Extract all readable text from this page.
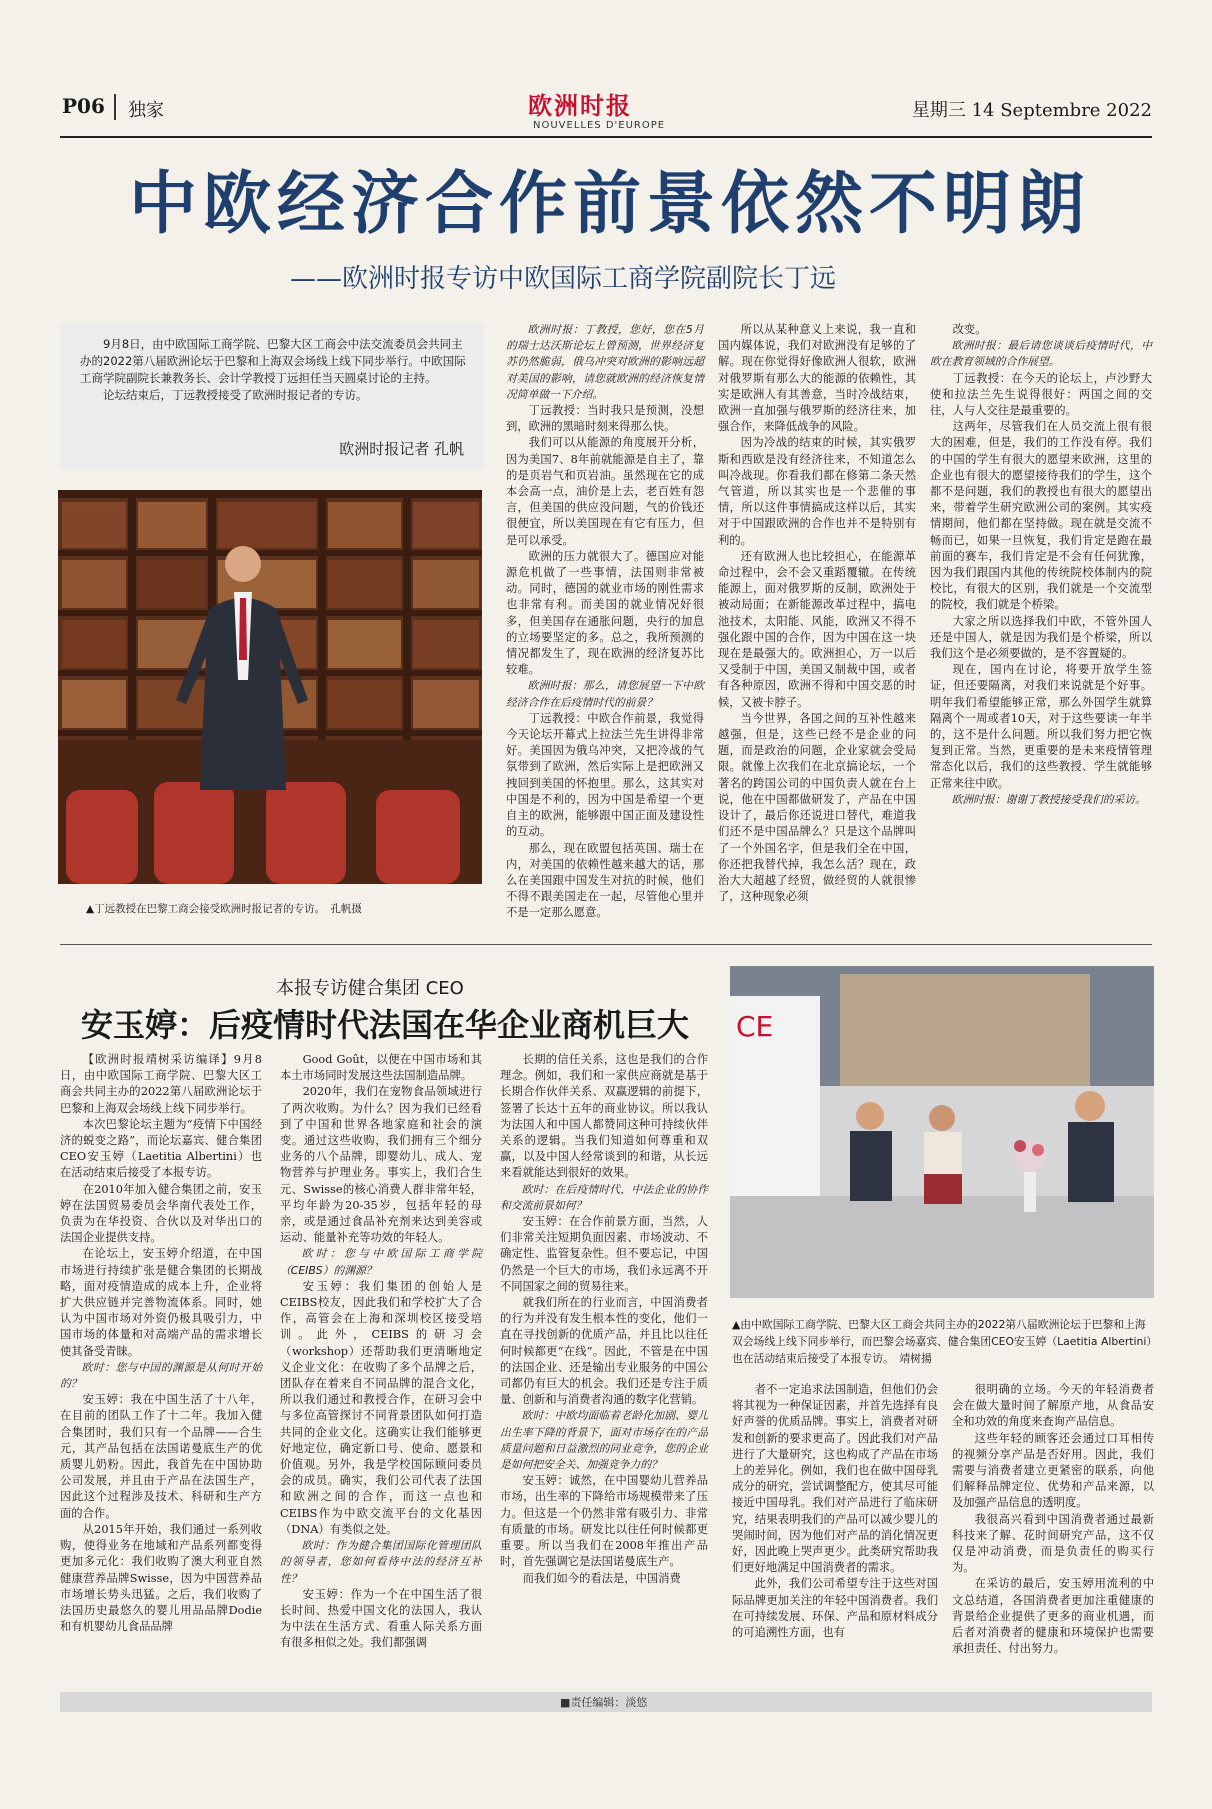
P06 独家	欧洲时报
NOUVELLES D'EUROPE
星期三 14 Septembre 2022
中欧经济合作前景依然不明朗
——欧洲时报专访中欧国际工商学院副院长丁远

9月8日，由中欧国际工商学院、巴黎大区工商会中法交流委员会共同主办的2022第八届欧洲论坛于巴黎和上海双会场线上线下同步举行。中欧国际工商学院副院长兼教务长、会计学教授丁远担任当天圆桌讨论的主持。

论坛结束后，丁远教授接受了欧洲时报记者的专访。

欧洲时报记者 孔帆
▲丁远教授在巴黎工商会接受欧洲时报记者的专访。　孔帆摄

欧洲时报：丁教授，您好，您在5月的瑞士达沃斯论坛上曾预测，世界经济复苏仍然脆弱，俄乌冲突对欧洲的影响远超对美国的影响，请您就欧洲的经济恢复情况简单做一下介绍。

丁远教授：当时我只是预测，没想到，欧洲的黑暗时刻来得那么快。

我们可以从能源的角度展开分析，因为美国7、8年前就能源是自主了，靠的是页岩气和页岩油。虽然现在它的成本会高一点，油价是上去，老百姓有怨言，但美国的供应没问题，气的价钱还很便宜，所以美国现在有它有压力，但是可以承受。

欧洲的压力就很大了。德国应对能源危机做了一些事情，法国则非常被动。同时，德国的就业市场的刚性需求也非常有利。而美国的就业情况好很多，但美国存在通胀问题，央行的加息的立场要坚定的多。总之，我所预测的情况都发生了，现在欧洲的经济复苏比较难。

欧洲时报：那么，请您展望一下中欧经济合作在后疫情时代的前景？

丁远教授：中欧合作前景，我觉得今天论坛开幕式上拉法兰先生讲得非常好。美国因为俄乌冲突，又把冷战的气氛带到了欧洲，然后实际上是把欧洲又拽回到美国的怀抱里。那么，这其实对中国是不利的，因为中国是希望一个更自主的欧洲，能够跟中国正面及建设性的互动。

那么，现在欧盟包括英国、瑞士在内，对美国的依赖性越来越大的话，那么在美国跟中国发生对抗的时候，他们不得不跟美国走在一起，尽管他心里并不是一定那么愿意。

所以从某种意义上来说，我一直和国内媒体说，我们对欧洲没有足够的了解。现在你觉得好像欧洲人很软，欧洲对俄罗斯有那么大的能源的依赖性，其实是欧洲人有其善意，当时冷战结束，欧洲一直加强与俄罗斯的经济往来，加强合作，来降低战争的风险。

因为冷战的结束的时候，其实俄罗斯和西欧是没有经济往来，不知道怎么叫冷战现。你看我们都在修第二条天然气管道，所以其实也是一个悲催的事情，所以这件事情搞成这样以后，其实对于中国跟欧洲的合作也并不是特别有利的。

还有欧洲人也比较担心，在能源革命过程中，会不会又重蹈覆辙。在传统能源上，面对俄罗斯的反制，欧洲处于被动局面；在新能源改革过程中，搞电池技术，太阳能、风能，欧洲又不得不强化跟中国的合作，因为中国在这一块现在是最强大的。欧洲担心，万一以后又受制于中国，美国又制裁中国，或者有各种原因，欧洲不得和中国交恶的时候，又被卡脖子。

当今世界，各国之间的互补性越来越强，但是，这些已经不是企业的问题，而是政治的问题，企业家就会受局限。就像上次我们在北京搞论坛，一个著名的跨国公司的中国负责人就在台上说，他在中国都做研发了，产品在中国设计了，最后你还说进口替代，难道我们还不是中国品牌么？只是这个品牌叫了一个外国名字，但是我们全在中国，你还把我替代掉，我怎么活？现在，政治大大超越了经贸，做经贸的人就很惨了，这种现象必须

改变。

欧洲时报：最后请您谈谈后疫情时代，中欧在教育领域的合作展望。

丁远教授：在今天的论坛上，卢沙野大使和拉法兰先生说得很好：两国之间的交往，人与人交往是最重要的。

这两年，尽管我们在人员交流上很有很大的困难，但是，我们的工作没有停。我们的中国的学生有很大的愿望来欧洲，这里的企业也有很大的愿望接待我们的学生，这个都不是问题，我们的教授也有很大的愿望出来，带着学生研究欧洲公司的案例。其实疫情期间，他们都在坚持做。现在就是交流不畅而已，如果一旦恢复，我们肯定是跑在最前面的赛车，我们肯定是不会有任何犹豫，因为我们跟国内其他的传统院校体制内的院校比，有很大的区别，我们就是一个交流型的院校，我们就是个桥梁。

大家之所以选择我们中欧，不管外国人还是中国人，就是因为我们是个桥梁，所以我们这个是必须要做的，是不容置疑的。

现在，国内在讨论，将要开放学生签证，但还要隔离，对我们来说就是个好事。明年我们希望能够正常，那么外国学生就算隔离个一周或者10天，对于这些要读一年半的，这不是什么问题。所以我们努力把它恢复到正常。当然，更重要的是未来疫情管理常态化以后，我们的这些教授、学生就能够正常来往中欧。

欧洲时报：谢谢丁教授接受我们的采访。

本报专访健合集团 CEO
安玉婷：后疫情时代法国在华企业商机巨大	CE
▲由中欧国际工商学院、巴黎大区工商会共同主办的2022第八届欧洲论坛于巴黎和上海双会场线上线下同步举行，而巴黎会场嘉宾、健合集团CEO安玉婷（Laetitia Albertini）也在活动结束后接受了本报专访。　靖树揚

【欧洲时报靖树采访编译】9月8日，由中欧国际工商学院、巴黎大区工商会共同主办的2022第八届欧洲论坛于巴黎和上海双会场线上线下同步举行。

本次巴黎论坛主题为“疫情下中国经济的蜕变之路”，而论坛嘉宾、健合集团CEO安玉婷（Laetitia Albertini）也在活动结束后接受了本报专访。

在2010年加入健合集团之前，安玉婷在法国贸易委员会华南代表处工作，负责为在华投资、合伙以及对华出口的法国企业提供支持。

在论坛上，安玉婷介绍道，在中国市场进行持续扩张是健合集团的长期战略，面对疫情造成的成本上升，企业将扩大供应链并完善物流体系。同时，她认为中国市场对外资仍极具吸引力，中国市场的体量和对高端产品的需求增长使其备受青睐。

欧时：您与中国的渊源是从何时开始的？

安玉婷：我在中国生活了十八年，在目前的团队工作了十二年。我加入健合集团时，我们只有一个品牌——合生元，其产品包括在法国诺曼底生产的优质婴儿奶粉。因此，我首先在中国协助公司发展，并且由于产品在法国生产，因此这个过程涉及技术、科研和生产方面的合作。

从2015年开始，我们通过一系列收购，使得业务在地域和产品系列都变得更加多元化：我们收购了澳大利亚自然健康营养品牌Swisse，因为中国营养品市场增长势头迅猛。之后，我们收购了法国历史最悠久的婴儿用品品牌Dodie和有机婴幼儿食品品牌

Good Goût，以便在中国市场和其本土市场同时发展这些法国制造品牌。

2020年，我们在宠物食品领域进行了两次收购。为什么？因为我们已经看到了中国和世界各地家庭和社会的演变。通过这些收购，我们拥有三个细分业务的八个品牌，即婴幼儿、成人、宠物营养与护理业务。事实上，我们合生元、Swisse的核心消费人群非常年轻，平均年龄为20-35岁，包括年轻的母亲，或是通过食品补充剂来达到美容或运动、能量补充等功效的年轻人。

欧时：您与中欧国际工商学院（CEIBS）的渊源？

安玉婷：我们集团的创始人是CEIBS校友，因此我们和学校扩大了合作，高管会在上海和深圳校区接受培训。此外，CEIBS的研习会（workshop）还帮助我们更清晰地定义企业文化：在收购了多个品牌之后，团队存在着来自不同品牌的混合文化，所以我们通过和教授合作，在研习会中与多位高管探讨不同背景团队如何打造共同的企业文化。这确实让我们能够更好地定位，确定新口号、使命、愿景和价值观。另外，我是学校国际顾问委员会的成员。确实，我们公司代表了法国和欧洲之间的合作，而这一点也和CEIBS作为中欧交流平台的文化基因（DNA）有类似之处。

欧时：作为健合集团国际化管理团队的领导者，您如何看待中法的经济互补性？

安玉婷：作为一个在中国生活了很长时间、热爱中国文化的法国人，我认为中法在生活方式、看重人际关系方面有很多相似之处。我们都强调

长期的信任关系，这也是我们的合作理念。例如，我们和一家供应商就是基于长期合作伙伴关系、双赢逻辑的前提下，签署了长达十五年的商业协议。所以我认为法国人和中国人都赞同这种可持续伙伴关系的逻辑。当我们知道如何尊重和双赢，以及中国人经常谈到的和谐，从长远来看就能达到很好的效果。

欧时：在后疫情时代，中法企业的协作和交流前景如何？

安玉婷：在合作前景方面，当然，人们非常关注短期负面因素、市场波动、不确定性、监管复杂性。但不要忘记，中国仍然是一个巨大的市场，我们永远离不开不同国家之间的贸易往来。

就我们所在的行业而言，中国消费者的行为并没有发生根本性的变化，他们一直在寻找创新的优质产品，并且比以往任何时候都更“在线”。因此，不管是在中国的法国企业、还是输出专业服务的中国公司都仍有巨大的机会。我们还是专注于质量、创新和与消费者沟通的数字化营销。

欧时：中欧均面临着老龄化加剧、婴儿出生率下降的背景下，面对市场存在的产品质量问题和日益激烈的同业竞争，您的企业是如何把安全关、加强竞争力的？

安玉婷：诚然，在中国婴幼儿营养品市场，出生率的下降给市场规模带来了压力。但这是一个仍然非常有吸引力、非常有质量的市场。研发比以往任何时候都更重要。所以当我们在2008年推出产品时，首先强调它是法国诺曼底生产。

而我们如今的看法是，中国消费

者不一定追求法国制造，但他们仍会将其视为一种保证因素，并首先选择有良好声誉的优质品牌。事实上，消费者对研发和创新的要求更高了。因此我们对产品进行了大量研究，这也构成了产品在市场上的差异化。例如，我们也在做中国母乳成分的研究，尝试调整配方，使其尽可能接近中国母乳。我们对产品进行了临床研究，结果表明我们的产品可以减少婴儿的哭闹时间，因为他们对产品的消化情况更好，因此晚上哭声更少。此类研究帮助我们更好地满足中国消费者的需求。

此外，我们公司希望专注于这些对国际品牌更加关注的年轻中国消费者。我们在可持续发展、环保、产品和原材料成分的可追溯性方面，也有

很明确的立场。今天的年轻消费者会在做大量时间了解原产地，从食品安全和功效的角度来查询产品信息。

这些年轻的顾客还会通过口耳相传的视频分享产品是否好用。因此，我们需要与消费者建立更紧密的联系，向他们解释品牌定位、优势和产品来源，以及加强产品信息的透明度。

我很高兴看到中国消费者通过最新科技来了解、花时间研究产品，这不仅仅是冲动消费，而是负责任的购买行为。

在采访的最后，安玉婷用流利的中文总结道，各国消费者更加注重健康的背景给企业提供了更多的商业机遇，而后者对消费者的健康和环境保护也需要承担责任、付出努力。

■责任编辑：淡悠
